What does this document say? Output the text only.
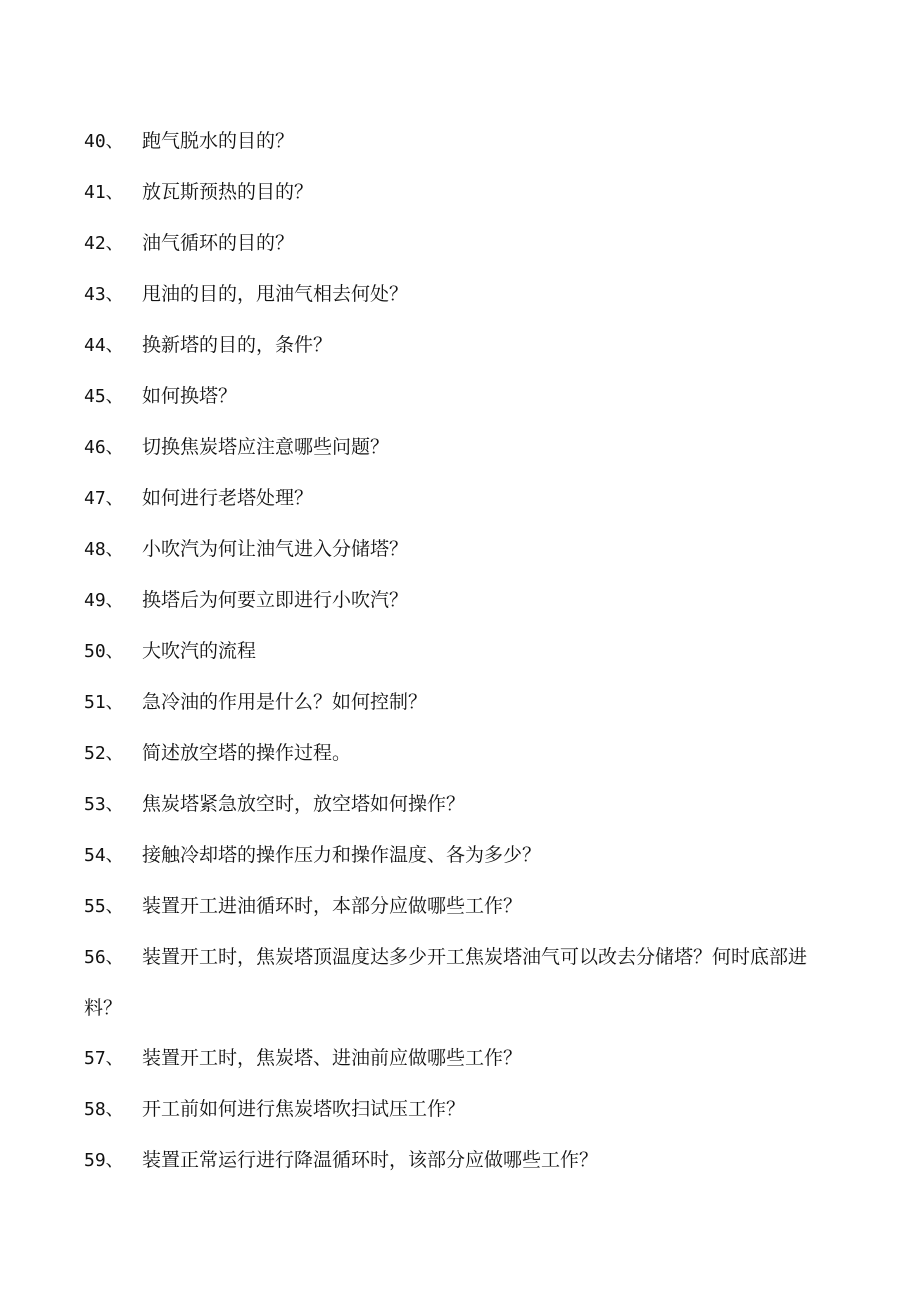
40、 跑气脱水的目的？
41、 放瓦斯预热的目的？
42、 油气循环的目的？
43、 甩油的目的，甩油气相去何处？
44、 换新塔的目的，条件？
45、 如何换塔？
46、 切换焦炭塔应注意哪些问题？
47、 如何进行老塔处理？
48、 小吹汽为何让油气进入分储塔？
49、 换塔后为何要立即进行小吹汽？
50、 大吹汽的流程
51、 急冷油的作用是什么？如何控制？
52、 简述放空塔的操作过程。
53、 焦炭塔紧急放空时，放空塔如何操作？
54、 接触冷却塔的操作压力和操作温度、各为多少？
55、 装置开工进油循环时，本部分应做哪些工作？
56、 装置开工时，焦炭塔顶温度达多少开工焦炭塔油气可以改去分储塔？何时底部进料？
57、 装置开工时，焦炭塔、进油前应做哪些工作？
58、 开工前如何进行焦炭塔吹扫试压工作？
59、 装置正常运行进行降温循环时，该部分应做哪些工作？
